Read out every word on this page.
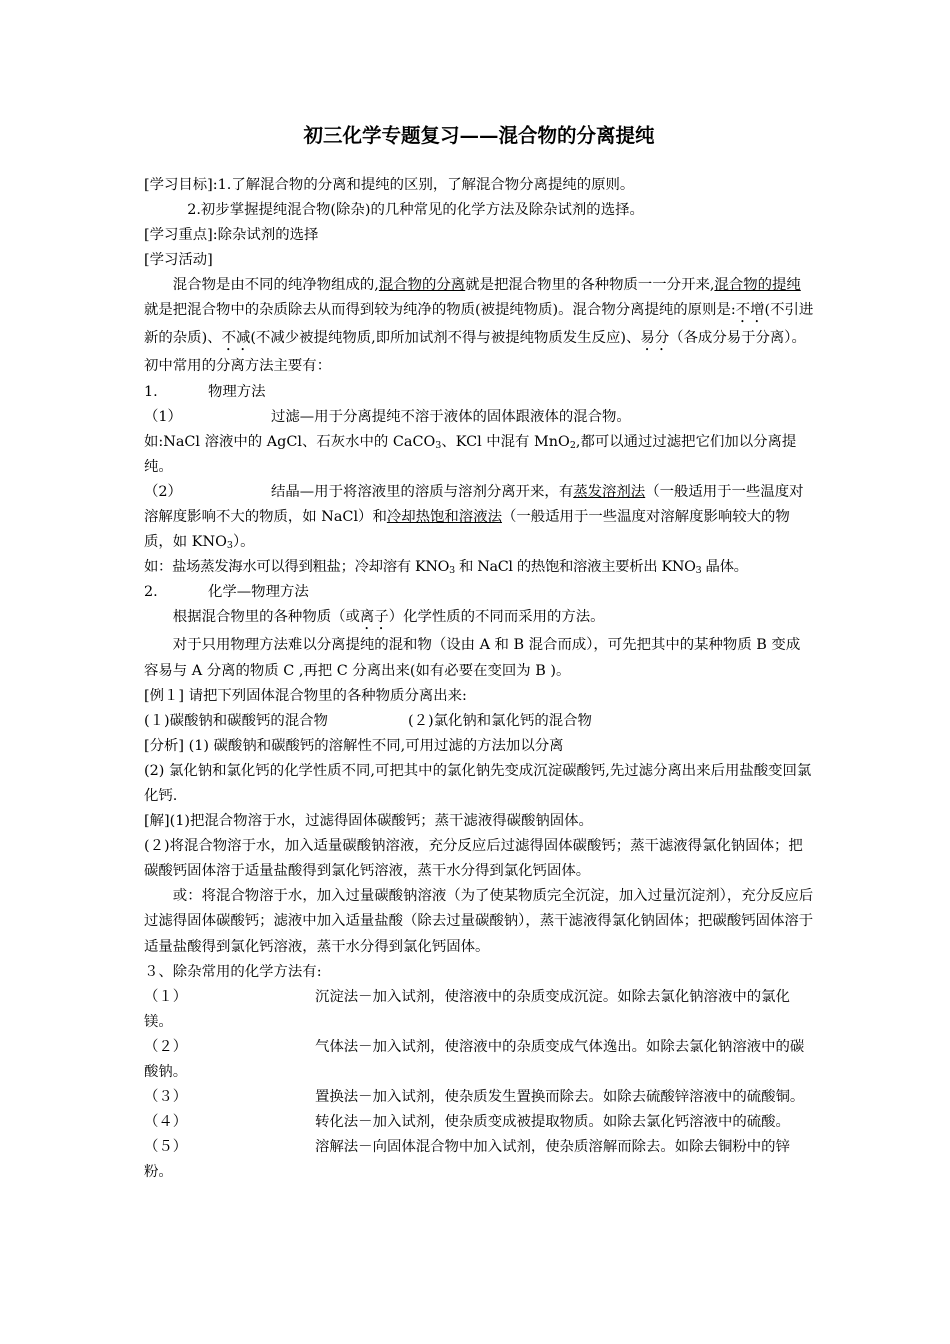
初三化学专题复习——混合物的分离提纯

[学习目标]:1.了解混合物的分离和提纯的区别，了解混合物分离提纯的原则。

2.初步掌握提纯混合物(除杂)的几种常见的化学方法及除杂试剂的选择。

[学习重点]:除杂试剂的选择

[学习活动]

混合物是由不同的纯净物组成的,混合物的分离就是把混合物里的各种物质一一分开来,混合物的提纯就是把混合物中的杂质除去从而得到较为纯净的物质(被提纯物质)。混合物分离提纯的原则是:不增(不引进新的杂质)、不减(不减少被提纯物质,即所加试剂不得与被提纯物质发生反应)、易分（各成分易于分离）。初中常用的分离方法主要有：

1.	物理方法
（1）	过滤—用于分离提纯不溶于液体的固体跟液体的混合物。

如:NaCl 溶液中的 AgCl、石灰水中的 CaCO$_3$、KCl 中混有 MnO$_2$,都可以通过过滤把它们加以分离提纯。

（2）	结晶—用于将溶液里的溶质与溶剂分离开来，有蒸发溶剂法（一般适用于一些温度对溶解度影响不大的物质，如 NaCl）和冷却热饱和溶液法（一般适用于一些温度对溶解度影响较大的物质，如 $KNO_3$）。

如：盐场蒸发海水可以得到粗盐；冷却溶有 $KNO_3$ 和 NaCl 的热饱和溶液主要析出 $KNO_3$ 晶体。

2.	化学—物理方法

根据混合物里的各种物质（或离子）化学性质的不同而采用的方法。

对于只用物理方法难以分离提纯的混和物（设由 A 和 B 混合而成），可先把其中的某种物质 B 变成容易与 A 分离的物质 C ,再把 C 分离出来(如有必要在变回为 B )。

[例１] 请把下列固体混合物里的各种物质分离出来:

(１)碳酸钠和碳酸钙的混合物	(２)氯化钠和氯化钙的混合物

[分析] (1) 碳酸钠和碳酸钙的溶解性不同,可用过滤的方法加以分离

(2) 氯化钠和氯化钙的化学性质不同,可把其中的氯化钠先变成沉淀碳酸钙,先过滤分离出来后用盐酸变回氯化钙.

[解](1)把混合物溶于水，过滤得固体碳酸钙；蒸干滤液得碳酸钠固体。

(２)将混合物溶于水，加入适量碳酸钠溶液，充分反应后过滤得固体碳酸钙；蒸干滤液得氯化钠固体；把碳酸钙固体溶于适量盐酸得到氯化钙溶液，蒸干水分得到氯化钙固体。

或：将混合物溶于水，加入过量碳酸钠溶液（为了使某物质完全沉淀，加入过量沉淀剂），充分反应后过滤得固体碳酸钙；滤液中加入适量盐酸（除去过量碳酸钠），蒸干滤液得氯化钠固体；把碳酸钙固体溶于适量盐酸得到氯化钙溶液，蒸干水分得到氯化钙固体。

３、除杂常用的化学方法有:

（１）	沉淀法－加入试剂，使溶液中的杂质变成沉淀。如除去氯化钠溶液中的氯化镁。

（２）	气体法－加入试剂，使溶液中的杂质变成气体逸出。如除去氯化钠溶液中的碳酸钠。

（３）	置换法－加入试剂，使杂质发生置换而除去。如除去硫酸锌溶液中的硫酸铜。

（４）	转化法－加入试剂，使杂质变成被提取物质。如除去氯化钙溶液中的硫酸。

（５）	溶解法－向固体混合物中加入试剂，使杂质溶解而除去。如除去铜粉中的锌粉。
